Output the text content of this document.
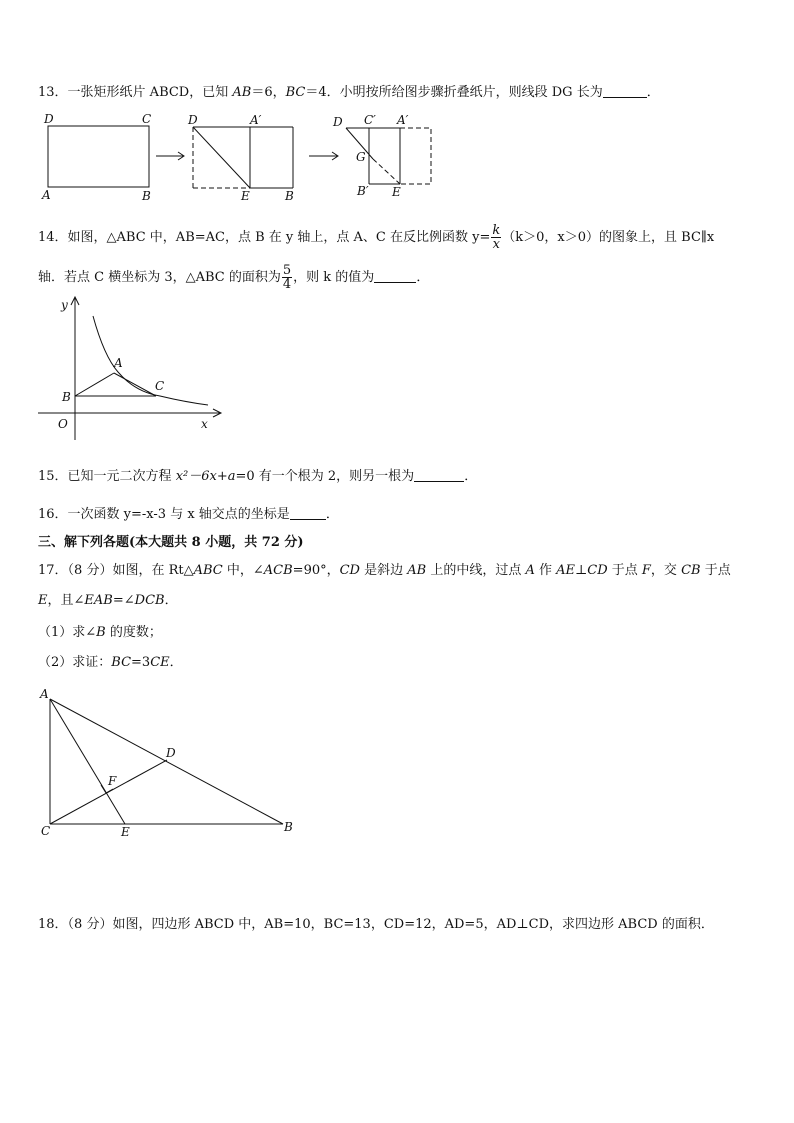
13．一张矩形纸片 ABCD，已知 AB＝6，BC＝4．小明按所给图步骤折叠纸片，则线段 DG 长为	．
D	C
A	B
D	A′
E	B
D C′ A′
G
B′ E
14．如图，△ABC 中，AB=AC，点 B 在 y 轴上，点 A、C 在反比例函数 $y= \frac{k}{x} (k>0$，x＞0）的图象上，且 BC∥x
轴．若点 C 横坐标为 3，△ABC 的面积为 $\frac{5}{4}$ ，则 k 的值为	．
y
x
O
B
A
C
15．已知一元二次方程 x²－6x+a=0 有一个根为 2，则另一根为	．
16．一次函数 y=-x-3 与 x 轴交点的坐标是	．
三、解下列各题(本大题共 8 小题，共 72 分)
17．（8 分）如图，在 Rt△ABC 中，∠ACB=90°，CD 是斜边 AB 上的中线，过点 A 作 AE⊥CD 于点 F，交 CB 于点
E，且∠EAB=∠DCB．
（1）求∠B 的度数；
（2）求证：BC=3CE．
A
D
F
C	E	B
18．（8 分）如图，四边形 ABCD 中，AB=10，BC=13，CD=12，AD=5，AD⊥CD，求四边形 ABCD 的面积．
